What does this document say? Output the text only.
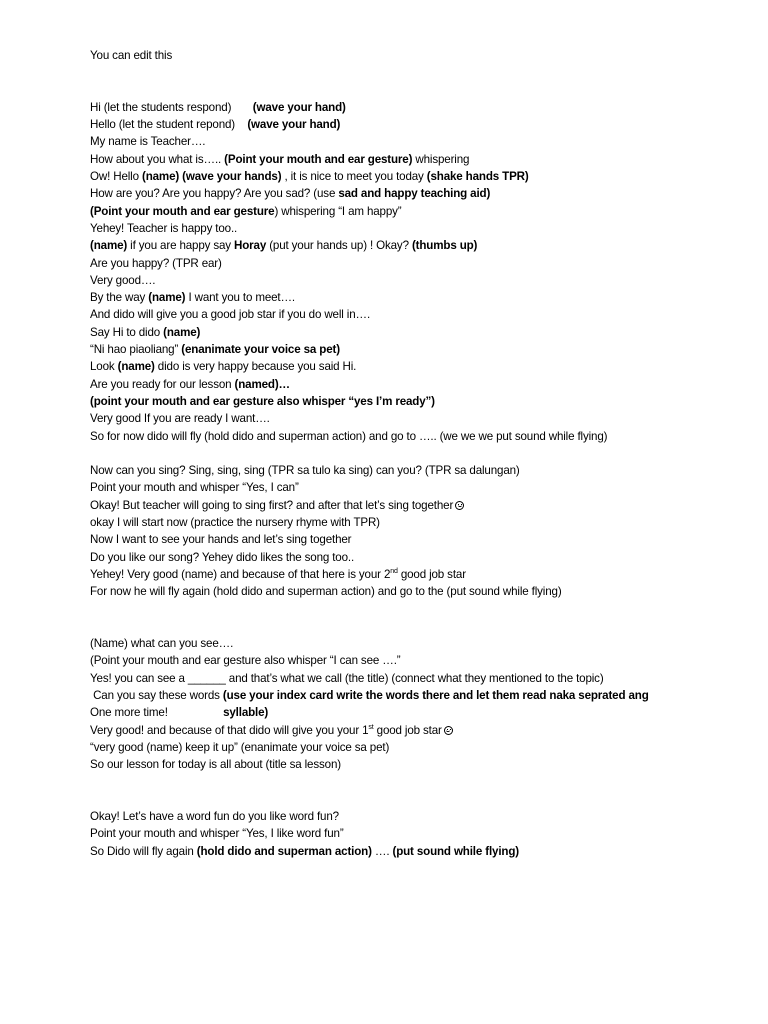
You can edit this
Hi (let the students respond)       (wave your hand)
Hello (let the student repond)    (wave your hand)
My name is Teacher….
How about you what is….. (Point your mouth and ear gesture) whispering
Ow! Hello (name) (wave your hands) , it is nice to meet you today (shake hands TPR)
How are you? Are you happy? Are you sad? (use sad and happy teaching aid)
(Point your mouth and ear gesture) whispering “I am happy”
Yehey! Teacher is happy too..
(name) if you are happy say Horay (put your hands up) ! Okay? (thumbs up)
Are you happy? (TPR ear)
Very good….
By the way (name) I want you to meet….
And dido will give you a good job star if you do well in….
Say Hi to dido (name)
“Ni hao piaoliang” (enanimate your voice sa pet)
Look (name) dido is very happy because you said Hi.
Are you ready for our lesson (named)…
(point your mouth and ear gesture also whisper “yes I’m ready”)
Very good If you are ready I want….
So for now dido will fly (hold dido and superman action) and go to ….. (we we we put sound while flying)
Now can you sing? Sing, sing, sing (TPR sa tulo ka sing) can you? (TPR sa dalungan)
Point your mouth and whisper “Yes, I can”
Okay! But teacher will going to sing first? and after that let’s sing together
okay I will start now (practice the nursery rhyme with TPR)
Now I want to see your hands and let’s sing together
Do you like our song? Yehey dido likes the song too..
Yehey! Very good (name) and because of that here is your 2nd good job star
For now he will fly again (hold dido and superman action) and go to the (put sound while flying)
(Name) what can you see….
(Point your mouth and ear gesture also whisper “I can see ….”
Yes! you can see a ______ and that’s what we call (the title) (connect what they mentioned to the topic)
Can you say these words (use your index card write the words there and let them read naka seprated ang
One more time!                  syllable)
Very good! and because of that dido will give you your 1st good job star
“very good (name) keep it up” (enanimate your voice sa pet)
So our lesson for today is all about (title sa lesson)
Okay! Let’s have a word fun do you like word fun?
Point your mouth and whisper “Yes, I like word fun”
So Dido will fly again (hold dido and superman action) …. (put sound while flying)
